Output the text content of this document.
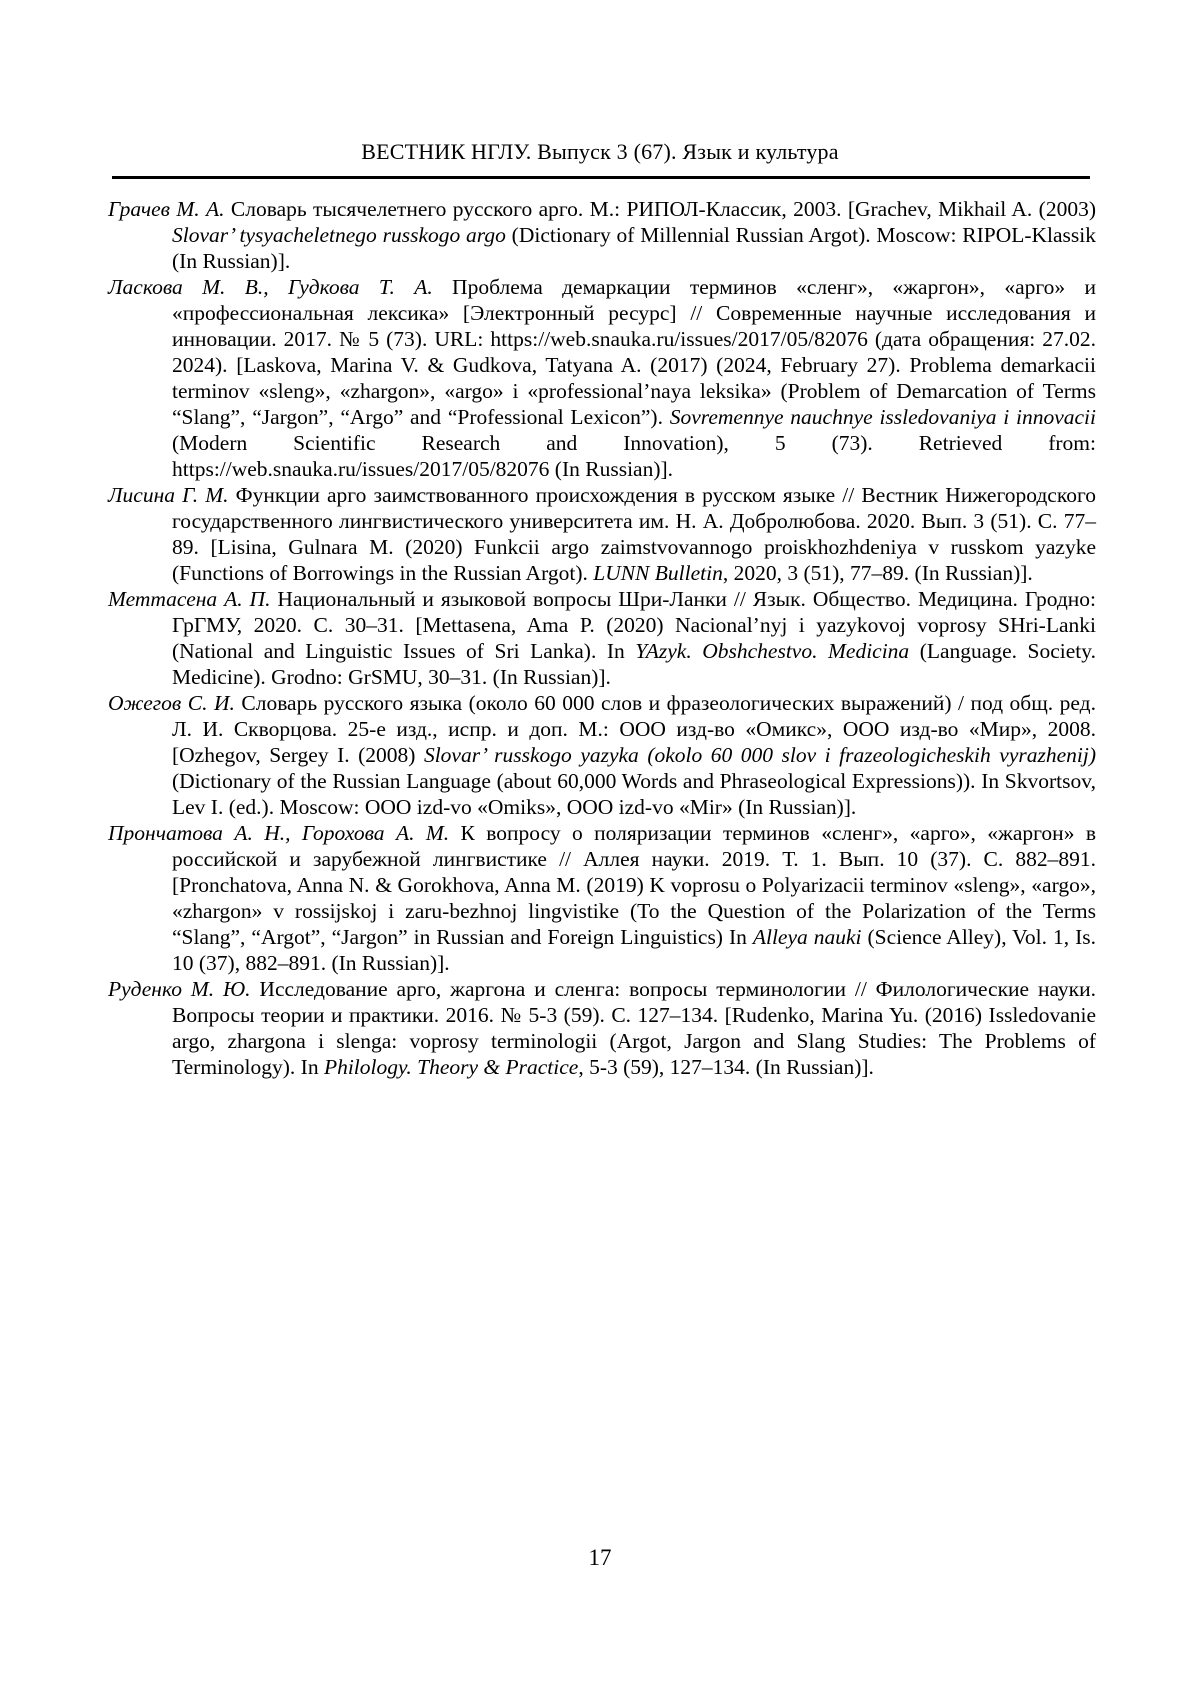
ВЕСТНИК НГЛУ. Выпуск 3 (67). Язык и культура

Грачев М. А. Словарь тысячелетнего русского арго. М.: РИПОЛ-Классик, 2003. [Grachev, Mikhail A. (2003) Slovar’ tysyacheletnego russkogo argo (Dictionary of Millennial Russian Argot). Moscow: RIPOL-Klassik (In Russian)].

Ласкова М. В., Гудкова Т. А. Проблема демаркации терминов «сленг», «жаргон», «арго» и «профессиональная лексика» [Электронный ресурс] // Современные научные исследования и инновации. 2017. № 5 (73). URL: https://web.snauka.ru/issues/2017/05/82076 (дата обращения: 27.02. 2024). [Laskova, Marina V. & Gudkova, Tatyana A. (2017) (2024, February 27). Problema demarkacii terminov «sleng», «zhargon», «argo» i «professional’naya leksika» (Problem of Demarcation of Terms “Slang”, “Jargon”, “Argo” and “Professional Lexicon”). Sovremennye nauchnye issledovaniya i innovacii (Modern Scientific Research and Innovation), 5 (73). Retrieved from: https://web.snauka.ru/issues/2017/05/82076 (In Russian)].

Лисина Г. М. Функции арго заимствованного происхождения в русском языке // Вестник Нижегородского государственного лингвистического университета им. Н. А. Добролюбова. 2020. Вып. 3 (51). С. 77–89. [Lisina, Gulnara M. (2020) Funkcii argo zaimstvovannogo proiskhozhdeniya v russkom yazyke (Functions of Borrowings in the Russian Argot). LUNN Bulletin, 2020, 3 (51), 77–89. (In Russian)].

Меттасена А. П. Национальный и языковой вопросы Шри-Ланки // Язык. Общество. Медицина. Гродно: ГрГМУ, 2020. С. 30–31. [Mettasena, Ama P. (2020) Nacional’nyj i yazykovoj voprosy SHri-Lanki (National and Linguistic Issues of Sri Lanka). In YAzyk. Obshchestvo. Medicina (Language. Society. Medicine). Grodno: GrSMU, 30–31. (In Russian)].

Ожегов С. И. Словарь русского языка (около 60 000 слов и фразеологических выражений) / под общ. ред. Л. И. Скворцова. 25-е изд., испр. и доп. М.: ООО изд-во «Омикс», ООО изд-во «Мир», 2008. [Ozhegov, Sergey I. (2008) Slovar’ russkogo yazyka (okolo 60 000 slov i frazeologicheskih vyrazhenij) (Dictionary of the Russian Language (about 60,000 Words and Phraseological Expressions)). In Skvortsov, Lev I. (ed.). Moscow: ООО izd-vo «Omiks», ООО izd-vo «Mir» (In Russian)].

Прончатова А. Н., Горохова А. М. К вопросу о поляризации терминов «сленг», «арго», «жаргон» в российской и зарубежной лингвистике // Аллея науки. 2019. Т. 1. Вып. 10 (37). С. 882–891. [Pronchatova, Anna N. & Gorokhova, Anna M. (2019) K voprosu o Polyarizacii terminov «sleng», «argo», «zhargon» v rossijskoj i zaru-bezhnoj lingvistike (To the Question of the Polarization of the Terms “Slang”, “Argot”, “Jargon” in Russian and Foreign Linguistics) In Alleya nauki (Science Alley), Vol. 1, Is. 10 (37), 882–891. (In Russian)].

Руденко М. Ю. Исследование арго, жаргона и сленга: вопросы терминологии // Филологические науки. Вопросы теории и практики. 2016. № 5-3 (59). С. 127–134. [Rudenko, Marina Yu. (2016) Issledovanie argo, zhargona i slenga: voprosy terminologii (Argot, Jargon and Slang Studies: The Problems of Terminology). In Philology. Theory & Practice, 5-3 (59), 127–134. (In Russian)].

17
